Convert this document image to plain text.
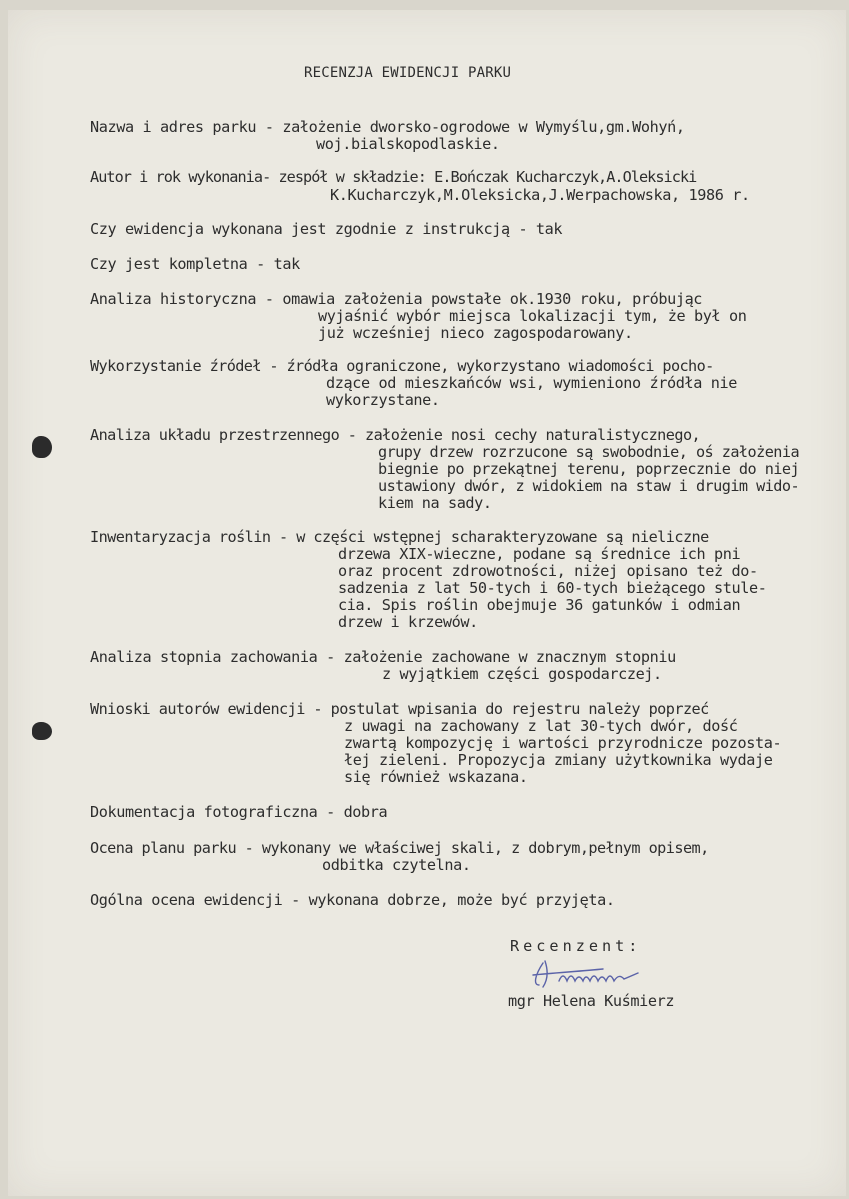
RECENZJA EWIDENCJI PARKU
Nazwa i adres parku - założenie dworsko-ogrodowe w Wymyślu,gm.Wohyń,
woj.bialskopodlaskie.
Autor i rok wykonania- zespół w składzie: E.Bończak Kucharczyk,A.Oleksicki
K.Kucharczyk,M.Oleksicka,J.Werpachowska, 1986 r.
Czy ewidencja wykonana jest zgodnie z instrukcją - tak
Czy jest kompletna - tak
Analiza historyczna - omawia założenia powstałe ok.1930 roku, próbując
wyjaśnić wybór miejsca lokalizacji tym, że był on
już wcześniej nieco zagospodarowany.
Wykorzystanie źródeł - źródła ograniczone, wykorzystano wiadomości pocho-
dzące od mieszkańców wsi, wymieniono źródła nie
wykorzystane.
Analiza układu przestrzennego - założenie nosi cechy naturalistycznego,
grupy drzew rozrzucone są swobodnie, oś założenia
biegnie po przekątnej terenu, poprzecznie do niej
ustawiony dwór, z widokiem na staw i drugim wido-
kiem na sady.
Inwentaryzacja roślin - w części wstępnej scharakteryzowane są nieliczne
drzewa XIX-wieczne, podane są średnice ich pni
oraz procent zdrowotności, niżej opisano też do-
sadzenia z lat 50-tych i 60-tych bieżącego stule-
cia. Spis roślin obejmuje 36 gatunków i odmian
drzew i krzewów.
Analiza stopnia zachowania - założenie zachowane w znacznym stopniu
z wyjątkiem części gospodarczej.
Wnioski autorów ewidencji - postulat wpisania do rejestru należy poprzeć
z uwagi na zachowany z lat 30-tych dwór, dość
zwartą kompozycję i wartości przyrodnicze pozosta-
łej zieleni. Propozycja zmiany użytkownika wydaje
się również wskazana.
Dokumentacja fotograficzna - dobra
Ocena planu parku - wykonany we właściwej skali, z dobrym,pełnym opisem,
odbitka czytelna.
Ogólna ocena ewidencji - wykonana dobrze, może być przyjęta.
Recenzent:
mgr Helena Kuśmierz
